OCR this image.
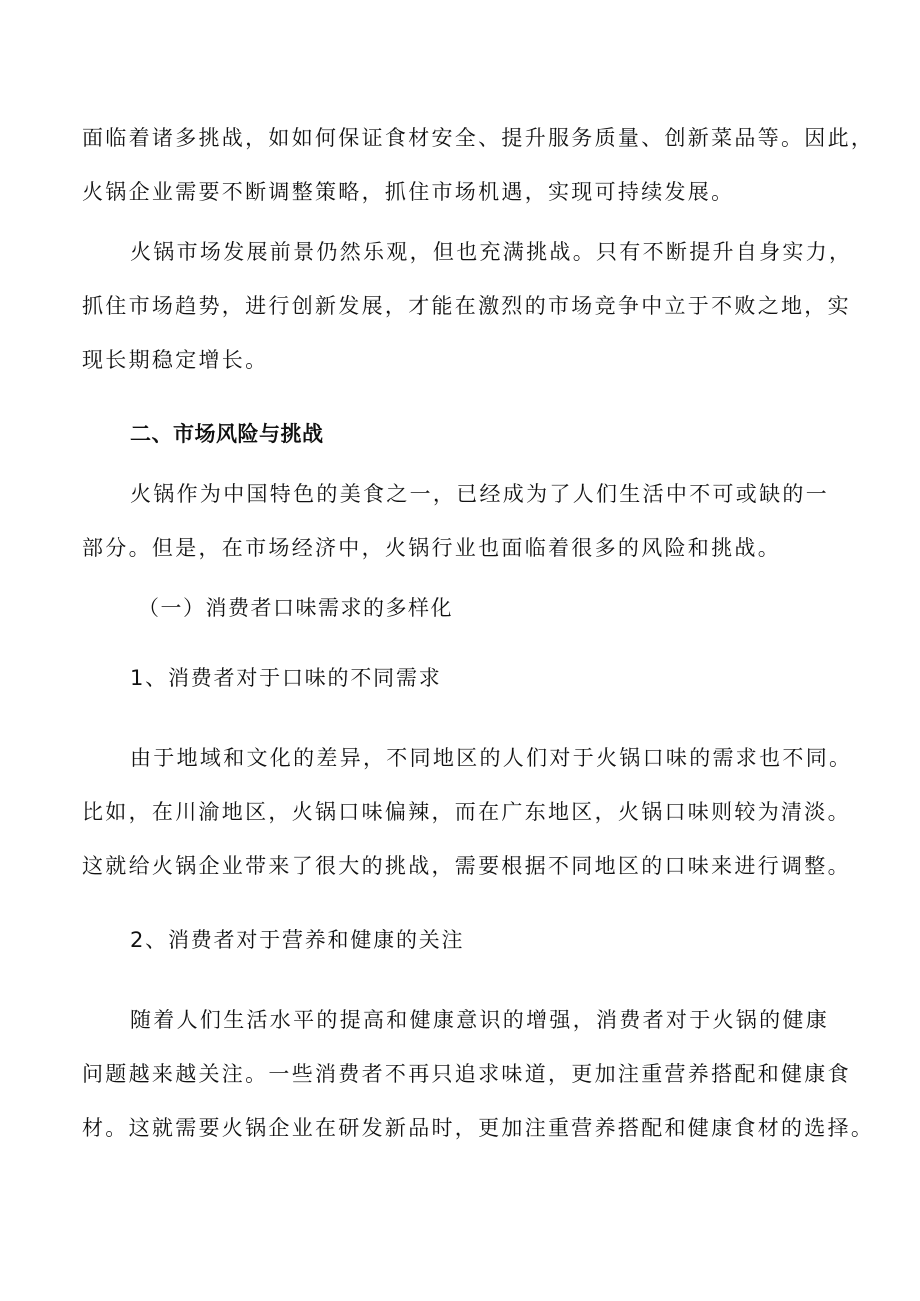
面临着诸多挑战，如如何保证食材安全、提升服务质量、创新菜品等。因此，
火锅企业需要不断调整策略，抓住市场机遇，实现可持续发展。
火锅市场发展前景仍然乐观，但也充满挑战。只有不断提升自身实力，
抓住市场趋势，进行创新发展，才能在激烈的市场竞争中立于不败之地，实
现长期稳定增长。
二、市场风险与挑战
火锅作为中国特色的美食之一，已经成为了人们生活中不可或缺的一
部分。但是，在市场经济中，火锅行业也面临着很多的风险和挑战。
（一）消费者口味需求的多样化
1、消费者对于口味的不同需求
由于地域和文化的差异，不同地区的人们对于火锅口味的需求也不同。
比如，在川渝地区，火锅口味偏辣，而在广东地区，火锅口味则较为清淡。
这就给火锅企业带来了很大的挑战，需要根据不同地区的口味来进行调整。
2、消费者对于营养和健康的关注
随着人们生活水平的提高和健康意识的增强，消费者对于火锅的健康
问题越来越关注。一些消费者不再只追求味道，更加注重营养搭配和健康食
材。这就需要火锅企业在研发新品时，更加注重营养搭配和健康食材的选择。
